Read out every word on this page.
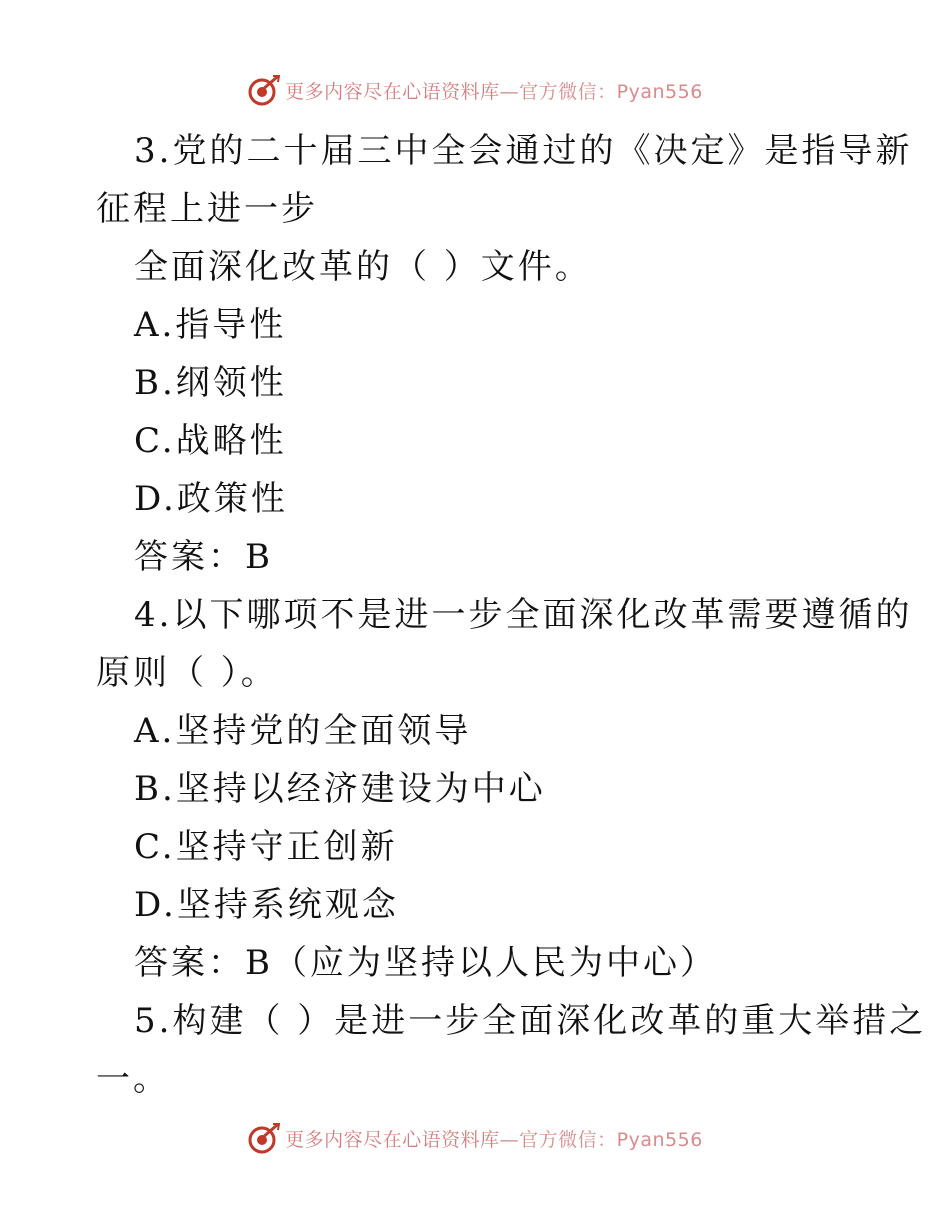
更多内容尽在心语资料库—官方微信：Pyan556
3.党的二十届三中全会通过的《决定》是指导新
征程上进一步
全面深化改革的（ ）文件。
A.指导性
B.纲领性
C.战略性
D.政策性
答案：B
4.以下哪项不是进一步全面深化改革需要遵循的
原则（ ）。
A.坚持党的全面领导
B.坚持以经济建设为中心
C.坚持守正创新
D.坚持系统观念
答案：B（应为坚持以人民为中心）
5.构建（ ）是进一步全面深化改革的重大举措之
一。
更多内容尽在心语资料库—官方微信：Pyan556
